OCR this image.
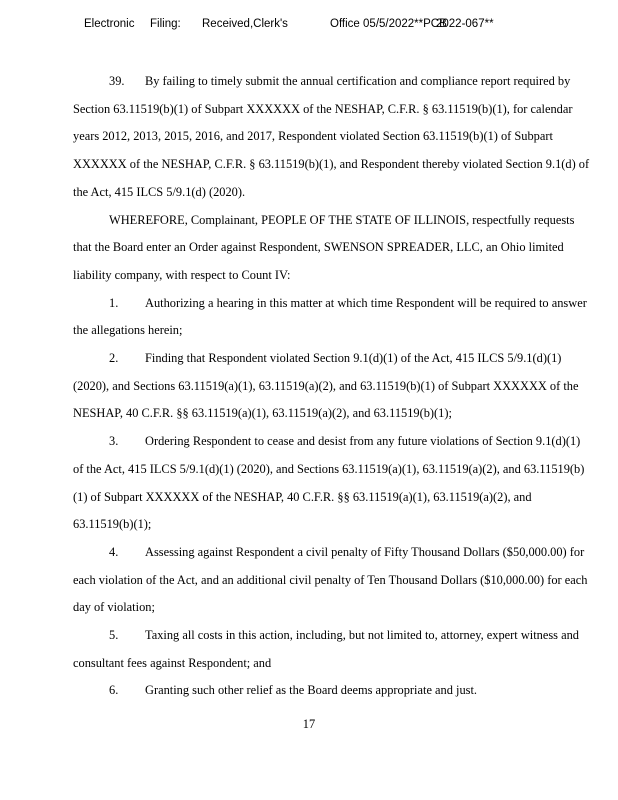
Electronic	Filing:	Received,Clerk's	Office 05/5/2022**PCB
2022-067**

39. By failing to timely submit the annual certification and compliance report required by Section 63.11519(b)(1) of Subpart XXXXXX of the NESHAP, C.F.R. § 63.11519(b)(1), for calendar years 2012, 2013, 2015, 2016, and 2017, Respondent violated Section 63.11519(b)(1) of Subpart XXXXXX of the NESHAP, C.F.R. § 63.11519(b)(1), and Respondent thereby violated Section 9.1(d) of the Act, 415 ILCS 5/9.1(d) (2020).

WHEREFORE, Complainant, PEOPLE OF THE STATE OF ILLINOIS, respectfully requests that the Board enter an Order against Respondent, SWENSON SPREADER, LLC, an Ohio limited liability company, with respect to Count IV:

1. Authorizing a hearing in this matter at which time Respondent will be required to answer the allegations herein;

2. Finding that Respondent violated Section 9.1(d)(1) of the Act, 415 ILCS 5/9.1(d)(1) (2020), and Sections 63.11519(a)(1), 63.11519(a)(2), and 63.11519(b)(1) of Subpart XXXXXX of the NESHAP, 40 C.F.R. §§ 63.11519(a)(1), 63.11519(a)(2), and 63.11519(b)(1);

3. Ordering Respondent to cease and desist from any future violations of Section 9.1(d)(1) of the Act, 415 ILCS 5/9.1(d)(1) (2020), and Sections 63.11519(a)(1), 63.11519(a)(2), and 63.11519(b)(1) of Subpart XXXXXX of the NESHAP, 40 C.F.R. §§ 63.11519(a)(1), 63.11519(a)(2), and 63.11519(b)(1);

4. Assessing against Respondent a civil penalty of Fifty Thousand Dollars ($50,000.00) for each violation of the Act, and an additional civil penalty of Ten Thousand Dollars ($10,000.00) for each day of violation;

5. Taxing all costs in this action, including, but not limited to, attorney, expert witness and consultant fees against Respondent; and

6. Granting such other relief as the Board deems appropriate and just.

17
